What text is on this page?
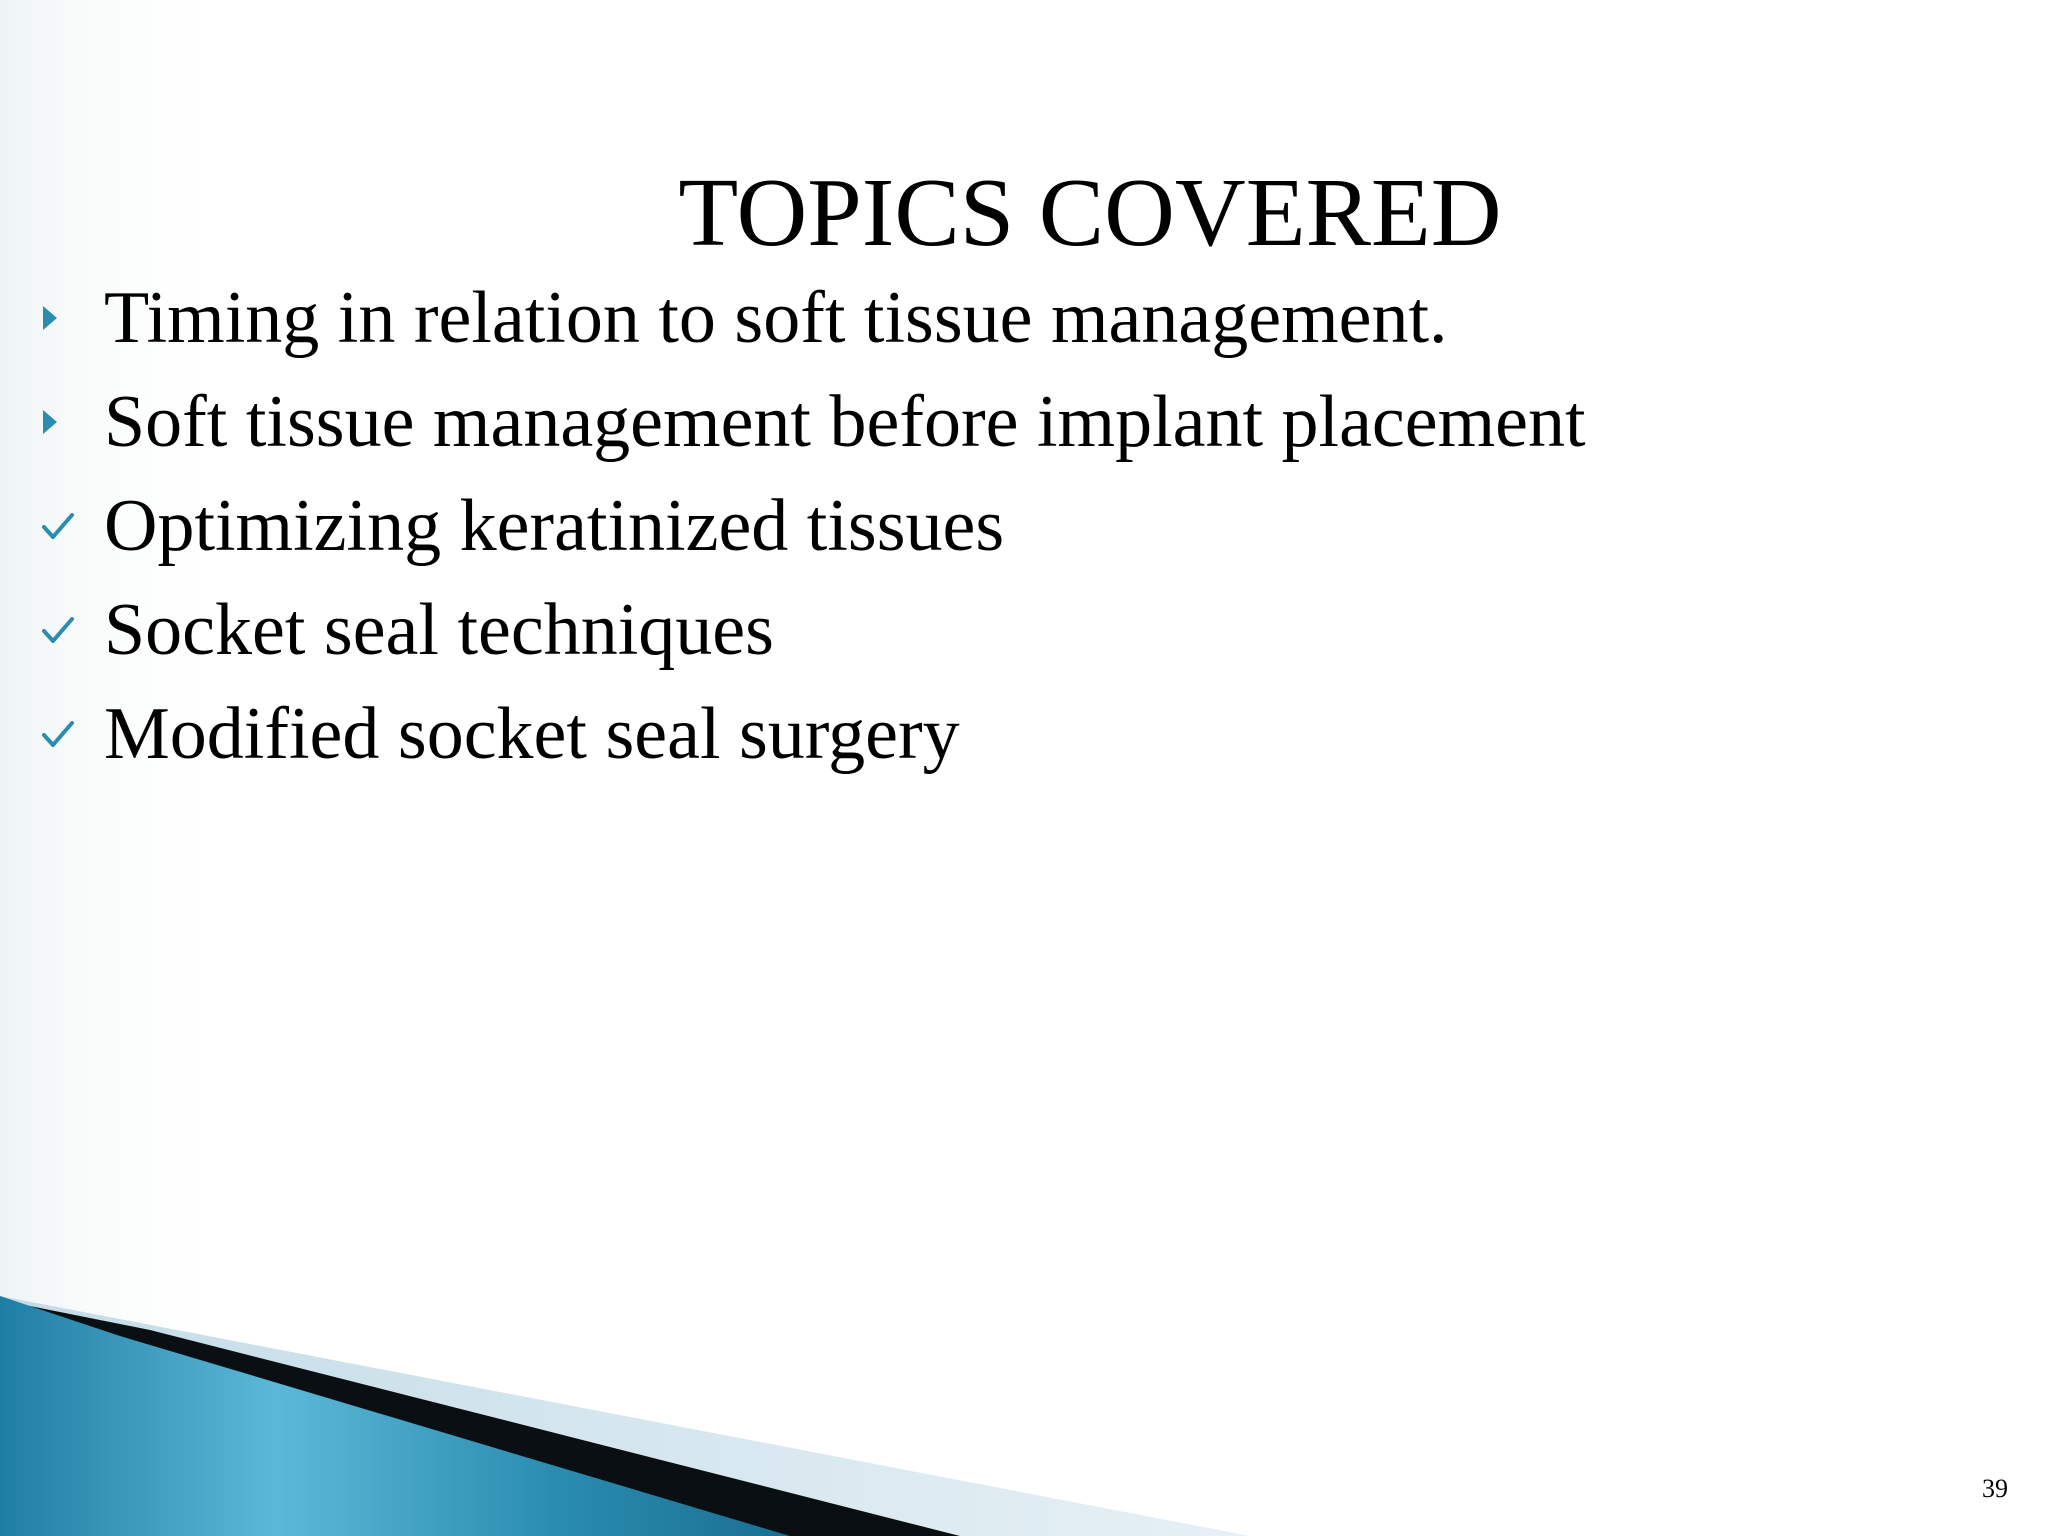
TOPICS COVERED
Timing in relation to soft tissue management.
Soft tissue management before implant placement
Optimizing keratinized tissues
Socket seal techniques
Modified socket seal surgery
39
